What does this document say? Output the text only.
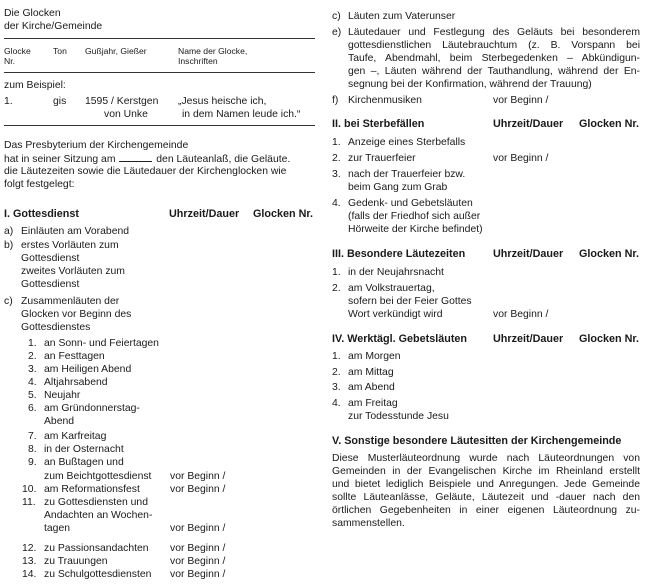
Die Glocken
der Kirche/Gemeinde
Glocke
Nr.
Ton Gußjahr, Gießer	Name der Glocke,
Inschriften
zum Beispiel:
1.	gis 1595 / Kerstgen
von Unke
„Jesus heische ich,
in dem Namen leude ich.“
Das Presbyterium der Kirchengemeinde
hat in seiner Sitzung am	den Läuteanlaß, die Geläute.
die Läutezeiten sowie die Läutedauer der Kirchenglocken wie
folgt festgelegt:
I. Gottesdienst	Uhrzeit/Dauer Glocken Nr.
a) Einläuten am Vorabend
b) erstes Vorläuten zum
Gottesdienst
zweites Vorläuten zum
Gottesdienst
c) Zusammenläuten der
Glocken vor Beginn des
Gottesdienstes
1. an Sonn- und Feiertagen
2. an Festtagen
3. am Heiligen Abend
4. Altjahrsabend
5. Neujahr
6. am Gründonnerstag-
Abend
7. am Karfreitag
8. in der Osternacht
9. an Bußtagen und
zum Beichtgottesdienst vor Beginn /
10. am Reformationsfest	vor Beginn /
11. zu Gottesdiensten und
Andachten an Wochen-
tagen	vor Beginn /
12. zu Passionsandachten vor Beginn /
13. zu Trauungen	vor Beginn /
14. zu Schulgottesdiensten vor Beginn /
c) Läuten zum Vaterunser
e) Läutedauer und Festlegung des Geläuts bei besonderem
gottesdienstlichen Läutebrauchtum (z. B. Vorspann bei
Taufe, Abendmahl, beim Sterbegedenken – Abkündigun-
gen –, Läuten während der Tauthandlung, während der En-
segnung bei der Konfirmation, während der Trauung)
f) Kirchenmusiken	vor Beginn /
II. bei Sterbefällen	Uhrzeit/Dauer Glocken Nr.
1. Anzeige eines Sterbefalls
2. zur Trauerfeier	vor Beginn /
3. nach der Trauerfeier bzw.
beim Gang zum Grab
4. Gedenk- und Gebetsläuten
(falls der Friedhof sich außer
Hörweite der Kirche befindet)
III. Besondere Läutezeiten	Uhrzeit/Dauer Glocken Nr.
1. in der Neujahrsnacht
2. am Volkstrauertag,
sofern bei der Feier Gottes
Wort verkündigt wird	vor Beginn /
IV. Werktägl. Gebetsläuten Uhrzeit/Dauer Glocken Nr.
1. am Morgen
2. am Mittag
3. am Abend
4. am Freitag
zur Todesstunde Jesu
V. Sonstige besondere Läutesitten der Kirchengemeinde
Diese Musterläuteordnung wurde nach Läuteordnungen von
Gemeinden in der Evangelischen Kirche im Rheinland erstellt
und bietet lediglich Beispiele und Anregungen. Jede Gemeinde
sollte Läuteanlässe, Geläute, Läutezeit und -dauer nach den
örtlichen Gegebenheiten in einer eigenen Läuteordnung zu-
sammenstellen.
